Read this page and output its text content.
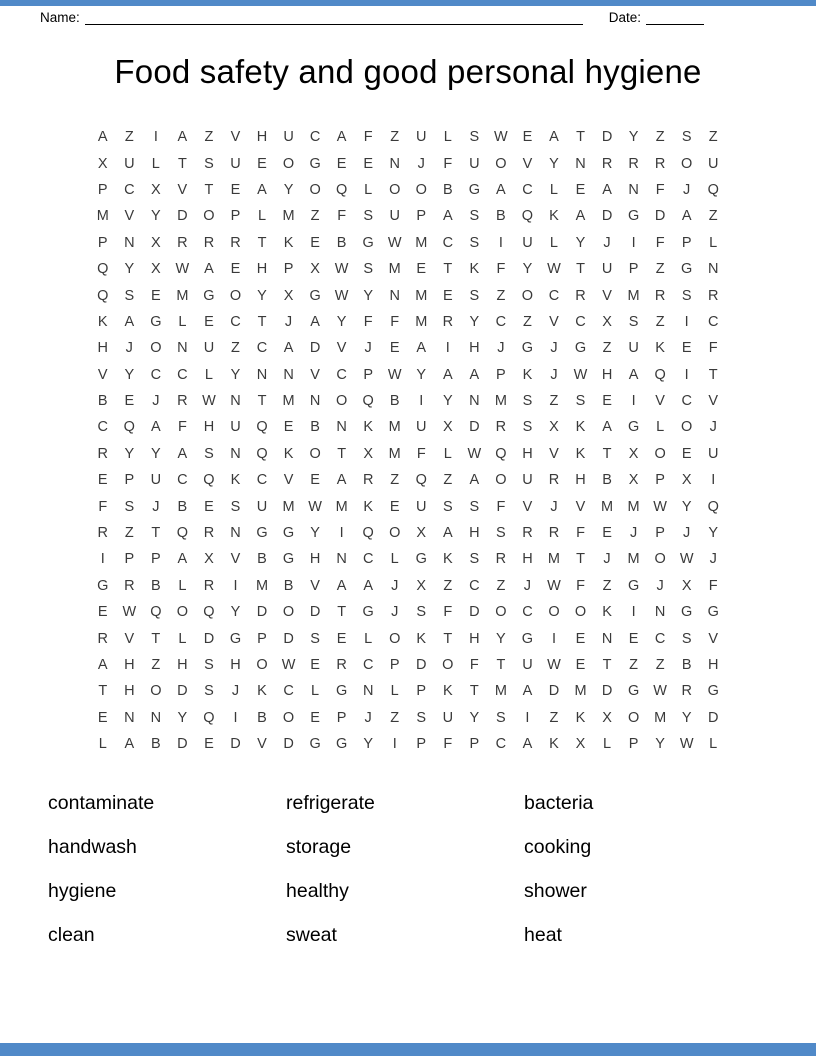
Name:	Date:
Food safety and good personal hygiene
A	Z	I	A	Z	V	H	U	C	A	F	Z	U	L	S	W	E	A	T	D	Y	Z	S	Z
X	U	L	T	S	U	E	O	G	E	E	N	J	F	U	O	V	Y	N	R	R	R	O	U
P	C	X	V	T	E	A	Y	O	Q	L	O	O	B	G	A	C	L	E	A	N	F	J	Q
M	V	Y	D	O	P	L	M	Z	F	S	U	P	A	S	B	Q	K	A	D	G	D	A	Z
P	N	X	R	R	R	T	K	E	B	G W M	C	S	I	U	L	Y	J	I	F	P	L
Q	Y	X	W	A	E	H	P	X	W	S	M	E	T	K	F	Y	W	T	U	P	Z	G	N
Q	S	E	M	G	O	Y	X	G W	Y	N	M	E	S	Z	O	C	R	V	M	R	S	R
K	A	G	L	E	C	T	J	A	Y	F	F	M	R	Y	C	Z	V	C	X	S	Z	I	C
H	J	O	N	U	Z	C	A	D	V	J	E	A	I	H	J	G	J	G	Z	U	K	E	F
V	Y	C	C	L	Y	N	N	V	C	P	W	Y	A	A	P	K	J	W H	A	Q	I	T
B	E	J	R W N	T	M	N	O	Q	B	I	Y	N	M	S	Z	S	E	I	V	C	V
C	Q	A	F	H	U	Q	E	B	N	K	M	U	X	D	R	S	X	K	A	G	L	O	J
R	Y	Y	A	S	N	Q	K	O	T	X	M	F	L	W Q	H	V	K	T	X	O	E	U
E	P	U	C	Q	K	C	V	E	A	R	Z	Q	Z	A	O	U	R	H	B	X	P	X	I
F	S	J	B	E	S	U	M W M	K	E	U	S	S	F	V	J	V	M M W	Y	Q
R	Z	T	Q	R	N	G	G	Y	I	Q	O	X	A	H	S	R	R	F	E	J	P	J	Y
I	P	P	A	X	V	B	G	H	N	C	L	G	K	S	R	H	M	T	J	M	O W	J
G	R	B	L	R	I	M	B	V	A	A	J	X	Z	C	Z	J	W	F	Z	G	J	X	F
E	W Q	O	Q	Y	D	O	D	T	G	J	S	F	D	O	C	O	O	K	I	N	G	G
R	V	T	L	D	G	P	D	S	E	L	O	K	T	H	Y	G	I	E	N	E	C	S	V
A	H	Z	H	S	H	O W	E	R	C	P	D	O	F	T	U W	E	T	Z	Z	B	H
T	H	O	D	S	J	K	C	L	G	N	L	P	K	T	M	A	D	M	D	G W R	G
E	N	N	Y	Q	I	B	O	E	P	J	Z	S	U	Y	S	I	Z	K	X	O	M	Y	D
L	A	B	D	E	D	V	D	G	G	Y	I	P	F	P	C	A	K	X	L	P	Y	W	L
contaminate
handwash
hygiene
clean
refrigerate
storage
healthy
sweat
bacteria
cooking
shower
heat
